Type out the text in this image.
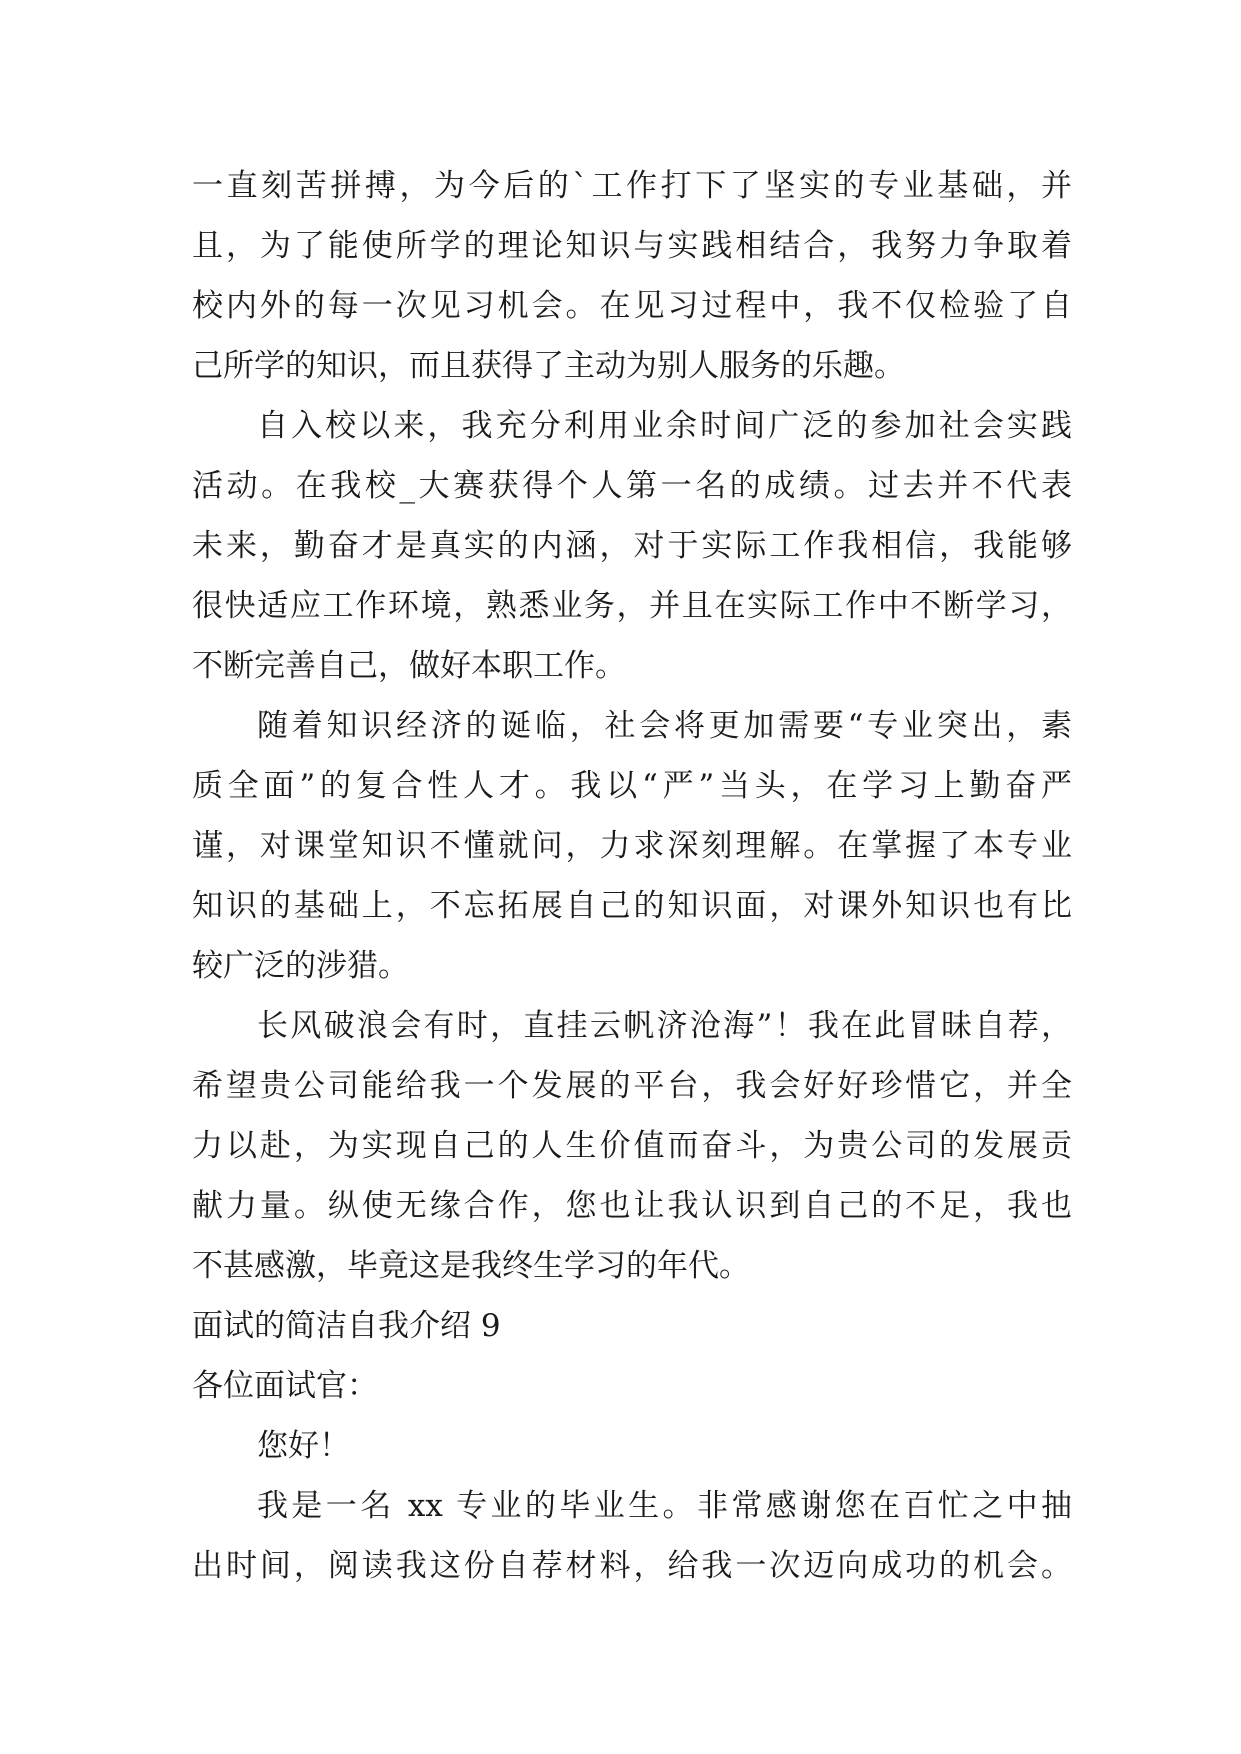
一直刻苦拼搏，为今后的`工作打下了坚实的专业基础，并

且，为了能使所学的理论知识与实践相结合，我努力争取着

校内外的每一次见习机会。在见习过程中，我不仅检验了自

己所学的知识，而且获得了主动为别人服务的乐趣。

自入校以来，我充分利用业余时间广泛的参加社会实践

活动。在我校_大赛获得个人第一名的成绩。过去并不代表

未来，勤奋才是真实的内涵，对于实际工作我相信，我能够

很快适应工作环境，熟悉业务，并且在实际工作中不断学习，

不断完善自己，做好本职工作。

随着知识经济的诞临，社会将更加需要“专业突出，素

质全面”的复合性人才。我以“严”当头，在学习上勤奋严

谨，对课堂知识不懂就问，力求深刻理解。在掌握了本专业

知识的基础上，不忘拓展自己的知识面，对课外知识也有比

较广泛的涉猎。

长风破浪会有时，直挂云帆济沧海”！我在此冒昧自荐，

希望贵公司能给我一个发展的平台，我会好好珍惜它，并全

力以赴，为实现自己的人生价值而奋斗，为贵公司的发展贡

献力量。纵使无缘合作，您也让我认识到自己的不足，我也

不甚感激，毕竟这是我终生学习的年代。

面试的简洁自我介绍 9

各位面试官：

您好！

我是一名 xx 专业的毕业生。非常感谢您在百忙之中抽

出时间，阅读我这份自荐材料，给我一次迈向成功的机会。
